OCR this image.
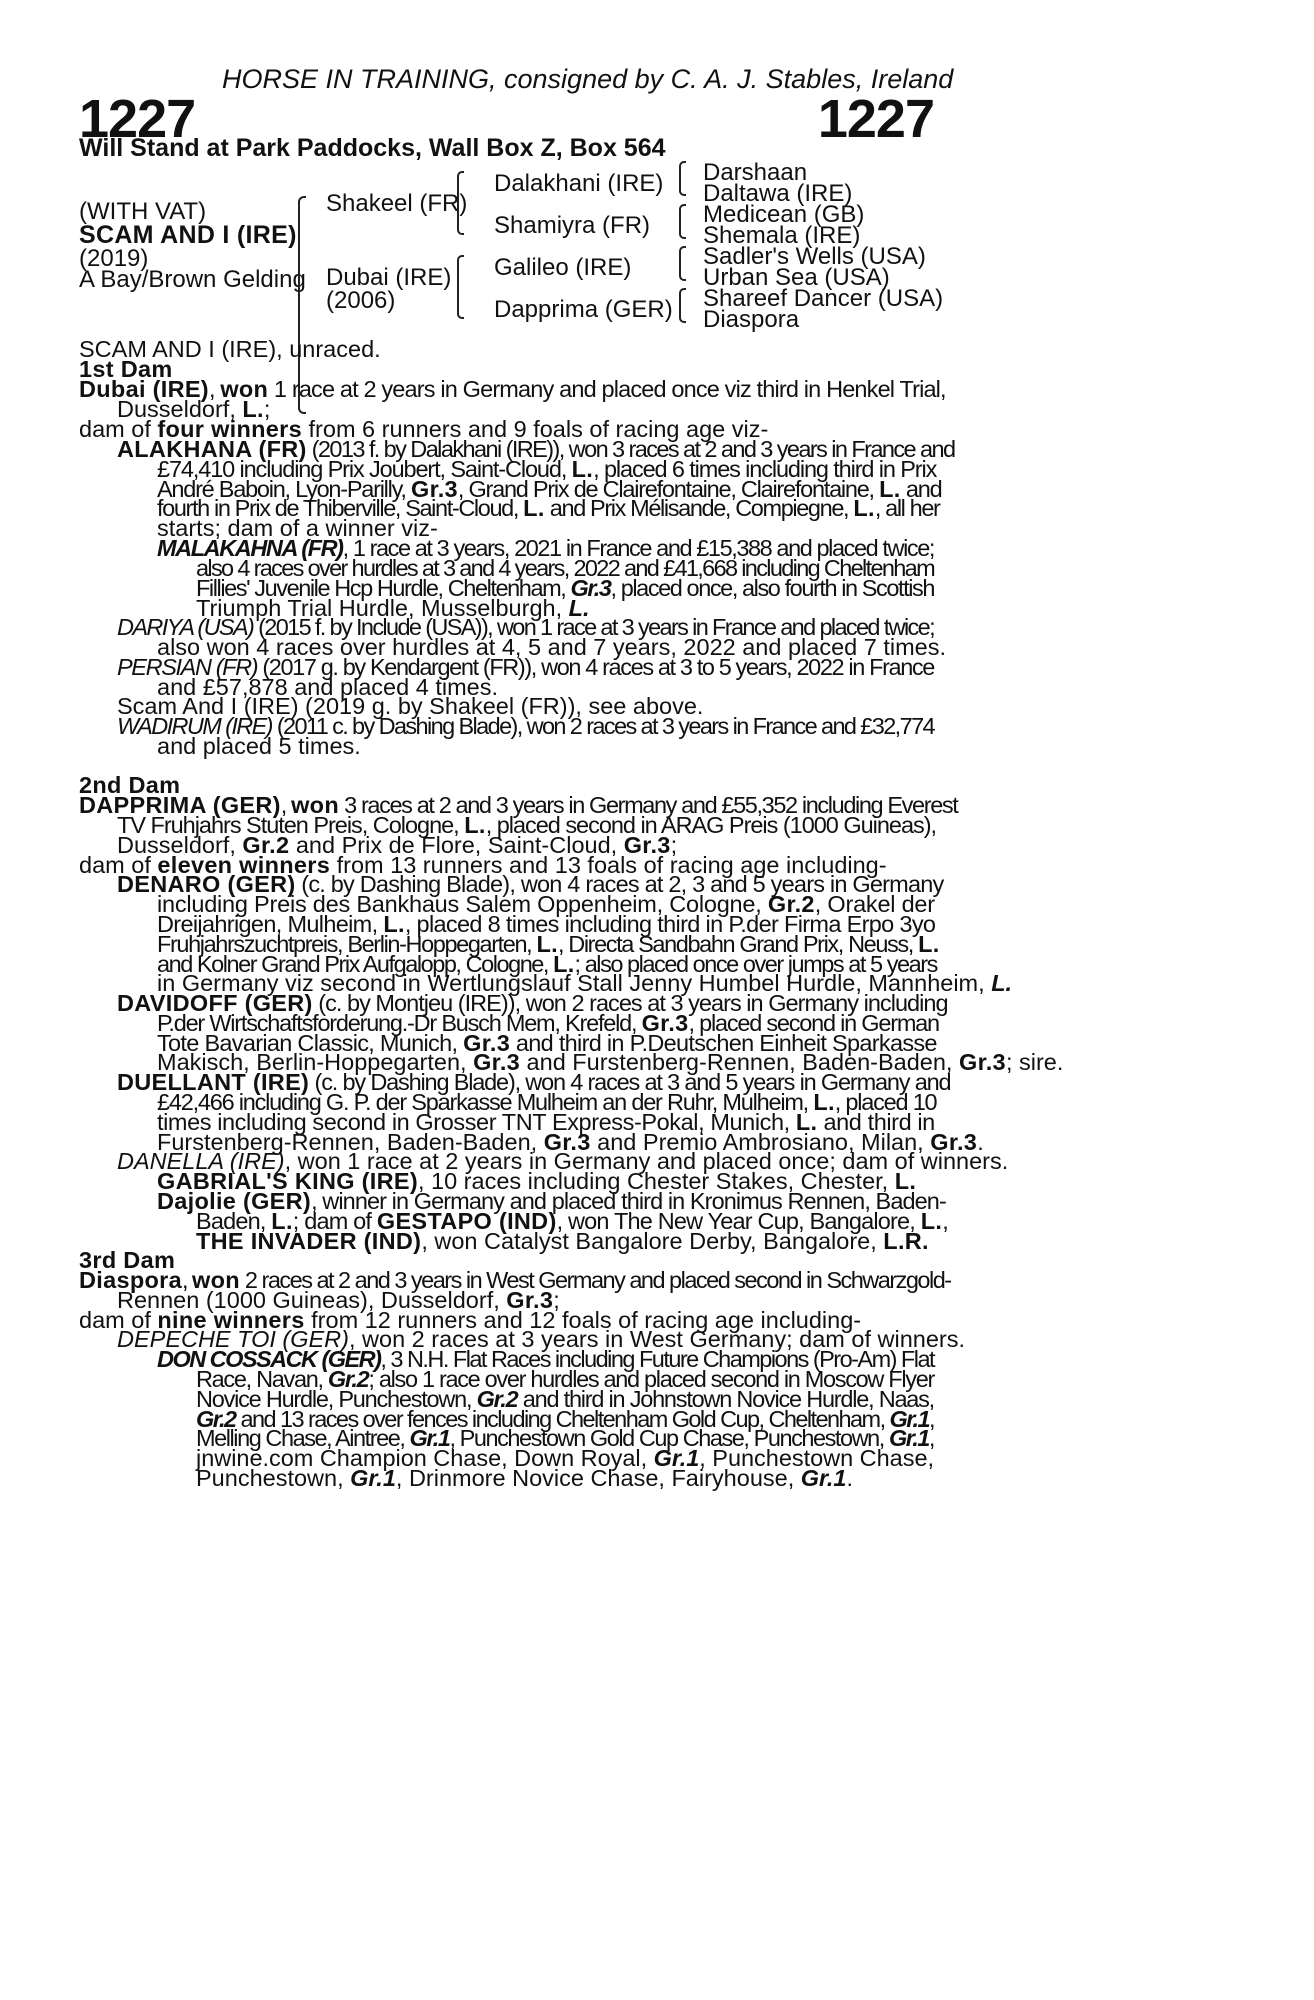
HORSE IN TRAINING, consigned by C. A. J. Stables, Ireland
1227	1227
Will Stand at Park Paddocks, Wall Box Z, Box 564
(WITH VAT)
SCAM AND I (IRE)
(2019)
A Bay/Brown Gelding
Shakeel (FR)
Dubai (IRE)
(2006)
Dalakhani (IRE)
Shamiyra (FR)
Galileo (IRE)
Dapprima (GER)
Darshaan
Daltawa (IRE)
Medicean (GB)
Shemala (IRE)
Sadler's Wells (USA)
Urban Sea (USA)
Shareef Dancer (USA)
Diaspora
SCAM AND I (IRE), unraced.
1st Dam
Dubai (IRE), won 1 race at 2 years in Germany and placed once viz third in Henkel Trial,
Dusseldorf, L.;
dam of four winners from 6 runners and 9 foals of racing age viz-
ALAKHANA (FR) (2013 f. by Dalakhani (IRE)), won 3 races at 2 and 3 years in France and
£74,410 including Prix Joubert, Saint-Cloud, L., placed 6 times including third in Prix
André Baboin, Lyon-Parilly, Gr.3, Grand Prix de Clairefontaine, Clairefontaine, L. and
fourth in Prix de Thiberville, Saint-Cloud, L. and Prix Mélisande, Compiegne, L., all her
starts; dam of a winner viz-
MALAKAHNA (FR), 1 race at 3 years, 2021 in France and £15,388 and placed twice;
also 4 races over hurdles at 3 and 4 years, 2022 and £41,668 including Cheltenham
Fillies' Juvenile Hcp Hurdle, Cheltenham, Gr.3, placed once, also fourth in Scottish
Triumph Trial Hurdle, Musselburgh, L.
DARIYA (USA) (2015 f. by Include (USA)), won 1 race at 3 years in France and placed twice;
also won 4 races over hurdles at 4, 5 and 7 years, 2022 and placed 7 times.
PERSIAN (FR) (2017 g. by Kendargent (FR)), won 4 races at 3 to 5 years, 2022 in France
and £57,878 and placed 4 times.
Scam And I (IRE) (2019 g. by Shakeel (FR)), see above.
WADIRUM (IRE) (2011 c. by Dashing Blade), won 2 races at 3 years in France and £32,774
and placed 5 times.
2nd Dam
DAPPRIMA (GER), won 3 races at 2 and 3 years in Germany and £55,352 including Everest
TV Fruhjahrs Stuten Preis, Cologne, L., placed second in ARAG Preis (1000 Guineas),
Dusseldorf, Gr.2 and Prix de Flore, Saint-Cloud, Gr.3;
dam of eleven winners from 13 runners and 13 foals of racing age including-
DENARO (GER) (c. by Dashing Blade), won 4 races at 2, 3 and 5 years in Germany
including Preis des Bankhaus Salem Oppenheim, Cologne, Gr.2, Orakel der
Dreijahrigen, Mulheim, L., placed 8 times including third in P.der Firma Erpo 3yo
Fruhjahrszuchtpreis, Berlin-Hoppegarten, L., Directa Sandbahn Grand Prix, Neuss, L.
and Kolner Grand Prix Aufgalopp, Cologne, L.; also placed once over jumps at 5 years
in Germany viz second in Wertlungslauf Stall Jenny Humbel Hurdle, Mannheim, L.
DAVIDOFF (GER) (c. by Montjeu (IRE)), won 2 races at 3 years in Germany including
P.der Wirtschaftsforderung.-Dr Busch Mem, Krefeld, Gr.3, placed second in German
Tote Bavarian Classic, Munich, Gr.3 and third in P.Deutschen Einheit Sparkasse
Makisch, Berlin-Hoppegarten, Gr.3 and Furstenberg-Rennen, Baden-Baden, Gr.3; sire.
DUELLANT (IRE) (c. by Dashing Blade), won 4 races at 3 and 5 years in Germany and
£42,466 including G. P. der Sparkasse Mulheim an der Ruhr, Mulheim, L., placed 10
times including second in Grosser TNT Express-Pokal, Munich, L. and third in
Furstenberg-Rennen, Baden-Baden, Gr.3 and Premio Ambrosiano, Milan, Gr.3.
DANELLA (IRE), won 1 race at 2 years in Germany and placed once; dam of winners.
GABRIAL'S KING (IRE), 10 races including Chester Stakes, Chester, L.
Dajolie (GER), winner in Germany and placed third in Kronimus Rennen, Baden-
Baden, L.; dam of GESTAPO (IND), won The New Year Cup, Bangalore, L.,
THE INVADER (IND), won Catalyst Bangalore Derby, Bangalore, L.R.
3rd Dam
Diaspora, won 2 races at 2 and 3 years in West Germany and placed second in Schwarzgold-
Rennen (1000 Guineas), Dusseldorf, Gr.3;
dam of nine winners from 12 runners and 12 foals of racing age including-
DEPECHE TOI (GER), won 2 races at 3 years in West Germany; dam of winners.
DON COSSACK (GER), 3 N.H. Flat Races including Future Champions (Pro-Am) Flat
Race, Navan, Gr.2; also 1 race over hurdles and placed second in Moscow Flyer
Novice Hurdle, Punchestown, Gr.2 and third in Johnstown Novice Hurdle, Naas,
Gr.2 and 13 races over fences including Cheltenham Gold Cup, Cheltenham, Gr.1,
Melling Chase, Aintree, Gr.1, Punchestown Gold Cup Chase, Punchestown, Gr.1,
jnwine.com Champion Chase, Down Royal, Gr.1, Punchestown Chase,
Punchestown, Gr.1, Drinmore Novice Chase, Fairyhouse, Gr.1.
